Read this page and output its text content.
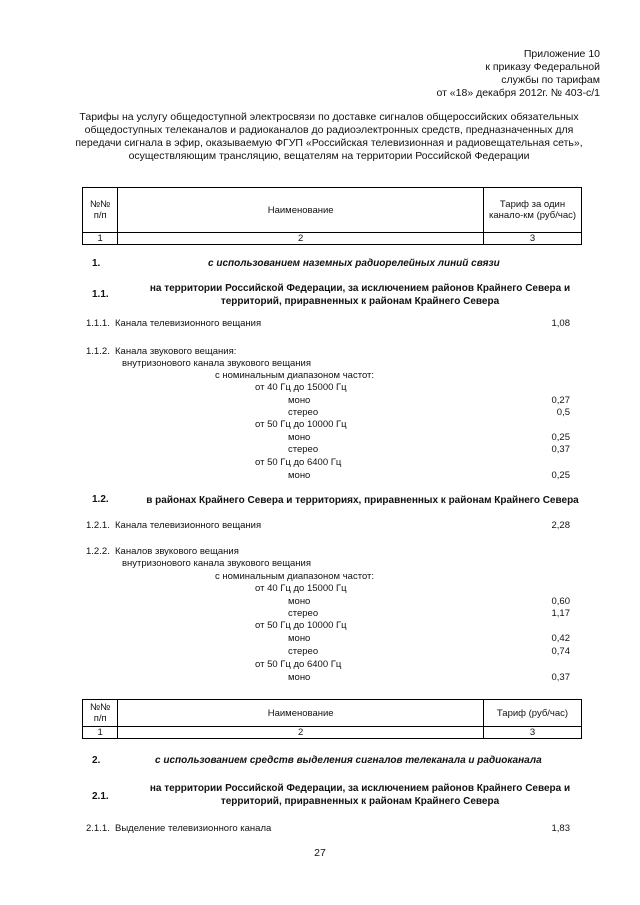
Приложение 10
к приказу Федеральной
службы по тарифам
от «18» декабря 2012г. № 403-с/1
Тарифы на услугу общедоступной электросвязи по доставке сигналов общероссийских обязательных
общедоступных телеканалов и радиоканалов до радиоэлектронных средств, предназначенных для
передачи сигнала в эфир, оказываемую ФГУП «Российская телевизионная и радиовещательная сеть»,
осуществляющим трансляцию, вещателям на территории Российской Федерации
№№ п/п	Наименование	Тариф за один канало-км (руб/час)
1	2	3
1.	с использованием наземных радиорелейных линий связи
1.1.
на территории Российской Федерации, за исключением районов Крайнего Севера и
территорий, приравненных к районам Крайнего Севера
1.1.1. Канала телевизионного вещания	1,08
1.1.2. Канала звукового вещания:
внутризонового канала звукового вещания
с номинальным диапазоном частот:
от 40 Гц до 15000 Гц
моно	0,27
стерео	0,5
от 50 Гц до 10000 Гц
моно	0,25
стерео	0,37
от 50 Гц до 6400 Гц
моно	0,25
1.2.	в районах Крайнего Севера и территориях, приравненных к районам Крайнего Севера
1.2.1. Канала телевизионного вещания	2,28
1.2.2. Каналов звукового вещания
внутризонового канала звукового вещания
с номинальным диапазоном частот:
от 40 Гц до 15000 Гц
моно	0,60
стерео	1,17
от 50 Гц до 10000 Гц
моно	0,42
стерео	0,74
от 50 Гц до 6400 Гц
моно	0,37
№№ п/п	Наименование	Тариф (руб/час)
1	2	3
2.	с использованием средств выделения сигналов телеканала и радиоканала
2.1.
на территории Российской Федерации, за исключением районов Крайнего Севера и
территорий, приравненных к районам Крайнего Севера
2.1.1. Выделение телевизионного канала	1,83
27
